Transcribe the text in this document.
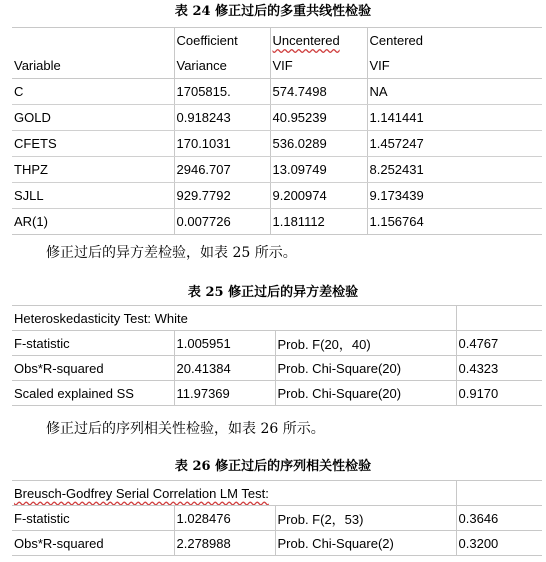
表 24 修正过后的多重共线性检验
	Coefficient	Uncentered	Centered
Variable	Variance	VIF	VIF
C	1705815.	574.7498	NA
GOLD	0.918243	40.95239	1.141441
CFETS	170.1031	536.0289	1.457247
THPZ	2946.707	13.09749	8.252431
SJLL	929.7792	9.200974	9.173439
AR(1)	0.007726	1.181112	1.156764
修正过后的异方差检验，如表 25 所示。
表 25 修正过后的异方差检验
Heteroskedasticity Test: White			
F-statistic	1.005951	Prob. F(20，40)	0.4767
Obs*R-squared	20.41384	Prob. Chi-Square(20)	0.4323
Scaled explained SS	11.97369	Prob. Chi-Square(20)	0.9170
修正过后的序列相关性检验，如表 26 所示。
表 26 修正过后的序列相关性检验
Breusch-Godfrey Serial Correlation LM Test:			
F-statistic	1.028476	Prob. F(2，53)	0.3646
Obs*R-squared	2.278988	Prob. Chi-Square(2)	0.3200
